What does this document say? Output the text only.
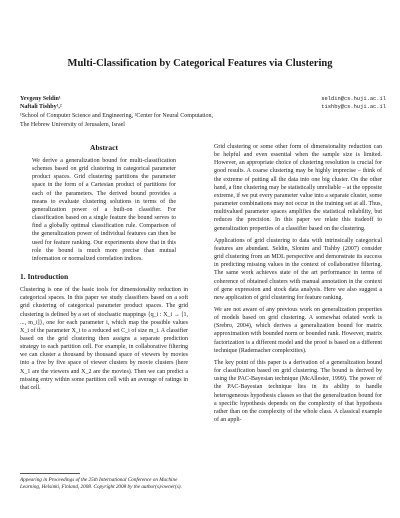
Multi-Classification by Categorical Features via Clustering
Yevgeny Seldin¹	seldin@cs.huji.ac.il
Naftali Tishby¹,²	tishby@cs.huji.ac.il
¹School of Computer Science and Engineering, ²Center for Neural Computation,
The Hebrew University of Jerusalem, Israel
Abstract

We derive a generalization bound for multi-classification schemes based on grid clustering in categorical parameter product spaces. Grid clustering partitions the parameter space in the form of a Cartesian product of partitions for each of the parameters. The derived bound provides a means to evaluate clustering solutions in terms of the generalization power of a built-on classifier. For classification based on a single feature the bound serves to find a globally optimal classification rule. Comparison of the generalization power of individual features can then be used for feature ranking. Our experiments show that in this role the bound is much more precise than mutual information or normalized correlation indices.

1. Introduction

Clustering is one of the basic tools for dimensionality reduction in categorical spaces. In this paper we study classifiers based on a soft grid clustering of categorical parameter product spaces. The grid clustering is defined by a set of stochastic mappings {q_i : X_i → [1, ..., m_i]}, one for each parameter i, which map the possible values X_i of the parameter X_i to a reduced set C_i of size m_i. A classifier based on the grid clustering then assigns a separate prediction strategy to each partition cell. For example, in collaborative filtering we can cluster a thousand by thousand space of viewers by movies into a five by five space of viewer clusters by movie clusters (here X_1 are the viewers and X_2 are the movies). Then we can predict a missing entry within some partition cell with an average of ratings in that cell.

Appearing in Proceedings of the 25th International Conference on Machine Learning, Helsinki, Finland, 2008. Copyright 2008 by the author(s)/owner(s).

Grid clustering or some other form of dimensionality reduction can be helpful and even essential when the sample size is limited. However, an appropriate choice of clustering resolution is crucial for good results. A coarse clustering may be highly imprecise – think of the extreme of putting all the data into one big cluster. On the other hand, a fine clustering may be statistically unreliable – at the opposite extreme, if we put every parameter value into a separate cluster, some parameter combinations may not occur in the training set at all. Thus, multivalued parameter spaces amplifies the statistical reliability, but reduces the precision. In this paper we relate this tradeoff to generalization properties of a classifier based on the clustering.

Applications of grid clustering to data with intrinsically categorical features are abundant. Seldin, Slonim and Tishby (2007) consider grid clustering from an MDL perspective and demonstrate its success in predicting missing values in the context of collaborative filtering. The same work achieves state of the art performance in terms of coherence of obtained clusters with manual annotation in the context of gene expression and stock data analysis. Here we also suggest a new application of grid clustering for feature ranking.

We are not aware of any previous work on generalization properties of models based on grid clustering. A somewhat related work is (Srebro, 2004), which derives a generalization bound for matrix approximation with bounded norm or bounded rank. However, matrix factorization is a different model and the proof is based on a different technique (Rademacher complexities).

The key point of this paper is a derivation of a generalization bound for classification based on grid clustering. The bound is derived by using the PAC-Bayesian technique (McAllester, 1999). The power of the PAC-Bayesian technique lies in its ability to handle heterogeneous hypothesis classes so that the generalization bound for a specific hypothesis depends on the complexity of that hypothesis rather than on the complexity of the whole class. A classical example of an appli-
